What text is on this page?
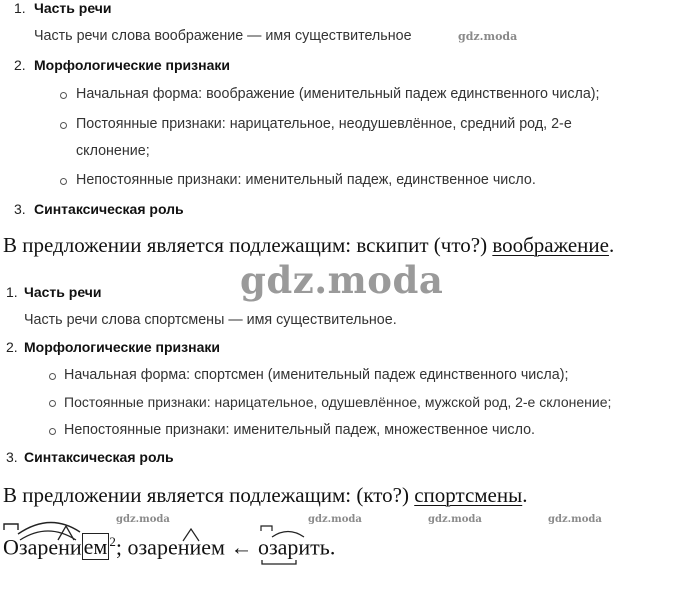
1. Часть речи
Часть речи слова воображение — имя существительное	gdz.moda
2. Морфологические признаки
Начальная форма: воображение (именительный падеж единственного числа);
Постоянные признаки: нарицательное, неодушевлённое, средний род, 2-е
склонение;
Непостоянные признаки: именительный падеж, единственное число.
3. Синтаксическая роль
В предложении является подлежащим: вскипит (что?) воображение.
gdz.moda
1. Часть речи
Часть речи слова спортсмены — имя существительное.
2. Морфологические признаки
Начальная форма: спортсмен (именительный падеж единственного числа);
Постоянные признаки: нарицательное, одушевлённое, мужской род, 2-е склонение;
Непостоянные признаки: именительный падеж, множественное число.
3. Синтаксическая роль
В предложении является подлежащим: (кто?) спортсмены.
gdz.moda	gdz.moda	gdz.moda	gdz.moda
Озарением $^2$; озарением ← озарить.
